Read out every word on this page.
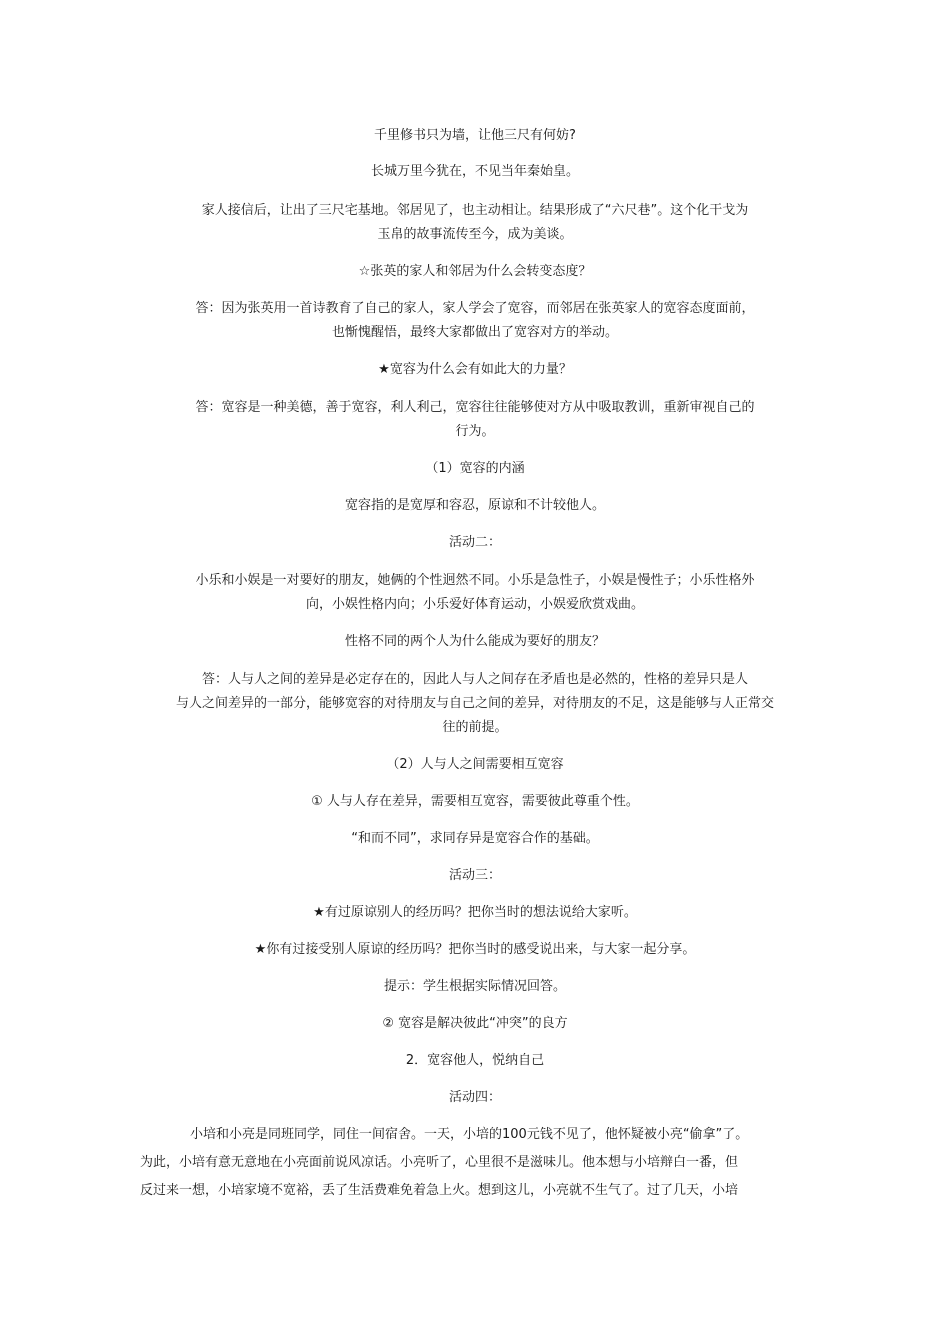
千里修书只为墙，让他三尺有何妨?
长城万里今犹在，不见当年秦始皇。
家人接信后，让出了三尺宅基地。邻居见了，也主动相让。结果形成了“六尺巷”。这个化干戈为
玉帛的故事流传至今，成为美谈。
☆张英的家人和邻居为什么会转变态度？
答：因为张英用一首诗教育了自己的家人，家人学会了宽容，而邻居在张英家人的宽容态度面前，
也惭愧醒悟，最终大家都做出了宽容对方的举动。
★宽容为什么会有如此大的力量？
答：宽容是一种美德，善于宽容，利人利己，宽容往往能够使对方从中吸取教训，重新审视自己的
行为。
（1）宽容的内涵
宽容指的是宽厚和容忍，原谅和不计较他人。
活动二：
小乐和小娱是一对要好的朋友，她俩的个性迥然不同。小乐是急性子，小娱是慢性子；小乐性格外
向，小娱性格内向；小乐爱好体育运动，小娱爱欣赏戏曲。
性格不同的两个人为什么能成为要好的朋友？
答：人与人之间的差异是必定存在的，因此人与人之间存在矛盾也是必然的，性格的差异只是人
与人之间差异的一部分，能够宽容的对待朋友与自己之间的差异，对待朋友的不足，这是能够与人正常交
往的前提。
（2）人与人之间需要相互宽容
① 人与人存在差异，需要相互宽容，需要彼此尊重个性。
“和而不同”，求同存异是宽容合作的基础。
活动三：
★有过原谅别人的经历吗？把你当时的想法说给大家听。
★你有过接受别人原谅的经历吗？把你当时的感受说出来，与大家一起分享。
提示：学生根据实际情况回答。
② 宽容是解决彼此“冲突”的良方
2．宽容他人，悦纳自己
活动四：
小培和小亮是同班同学，同住一间宿舍。一天，小培的100元钱不见了，他怀疑被小亮“偷拿”了。
为此，小培有意无意地在小亮面前说风凉话。小亮听了，心里很不是滋味儿。他本想与小培辩白一番，但
反过来一想，小培家境不宽裕，丢了生活费难免着急上火。想到这儿，小亮就不生气了。过了几天，小培
